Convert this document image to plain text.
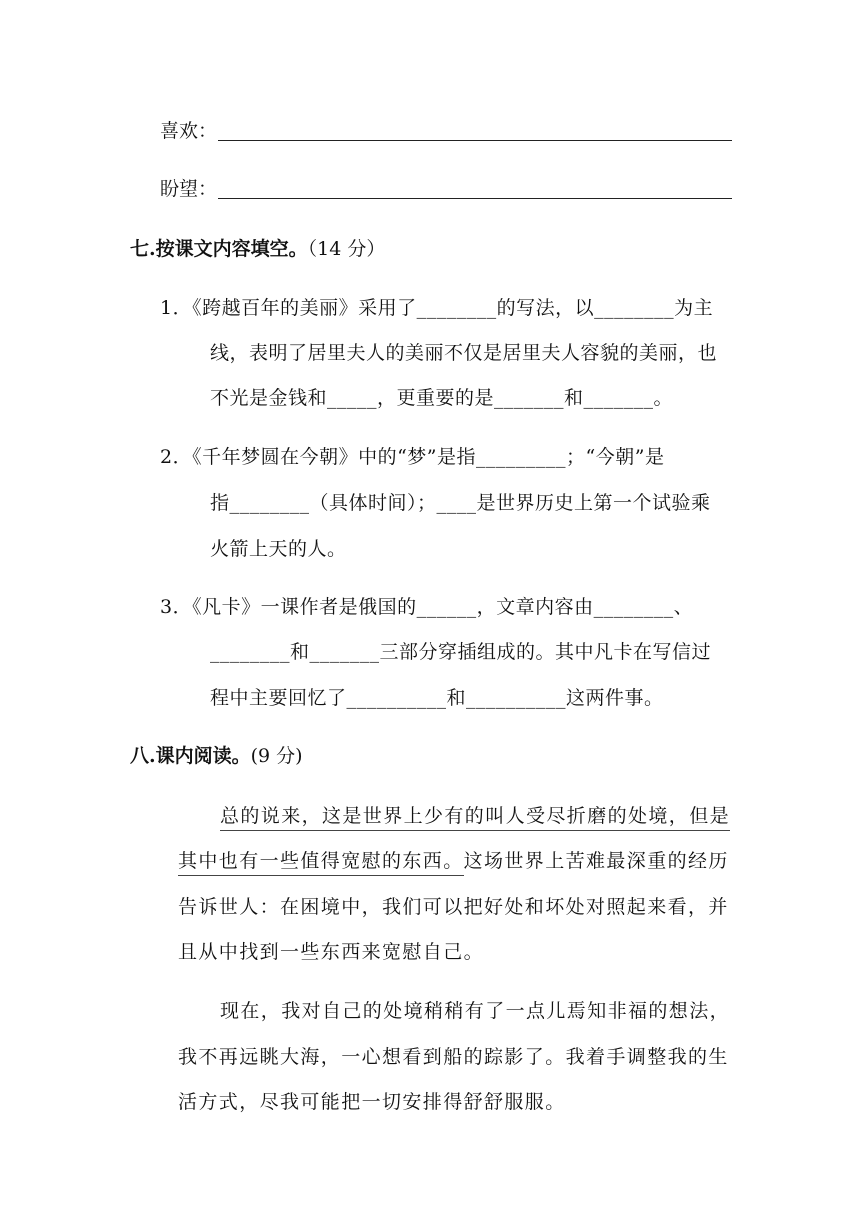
喜欢：
盼望：
七.按课文内容填空。（14 分）
1．《跨越百年的美丽》采用了________的写法，以________为主
线，表明了居里夫人的美丽不仅是居里夫人容貌的美丽，也
不光是金钱和_____，更重要的是_______和_______。
2．《千年梦圆在今朝》中的“梦”是指_________；“今朝”是
指________（具体时间）；____是世界历史上第一个试验乘
火箭上天的人。
3．《凡卡》一课作者是俄国的______，文章内容由________、
________和_______三部分穿插组成的。其中凡卡在写信过
程中主要回忆了__________和__________这两件事。
八.课内阅读。(9 分)
总的说来，这是世界上少有的叫人受尽折磨的处境，但是
其中也有一些值得宽慰的东西。这场世界上苦难最深重的经历
告诉世人：在困境中，我们可以把好处和坏处对照起来看，并
且从中找到一些东西来宽慰自己。
现在，我对自己的处境稍稍有了一点儿焉知非福的想法，
我不再远眺大海，一心想看到船的踪影了。我着手调整我的生
活方式，尽我可能把一切安排得舒舒服服。
